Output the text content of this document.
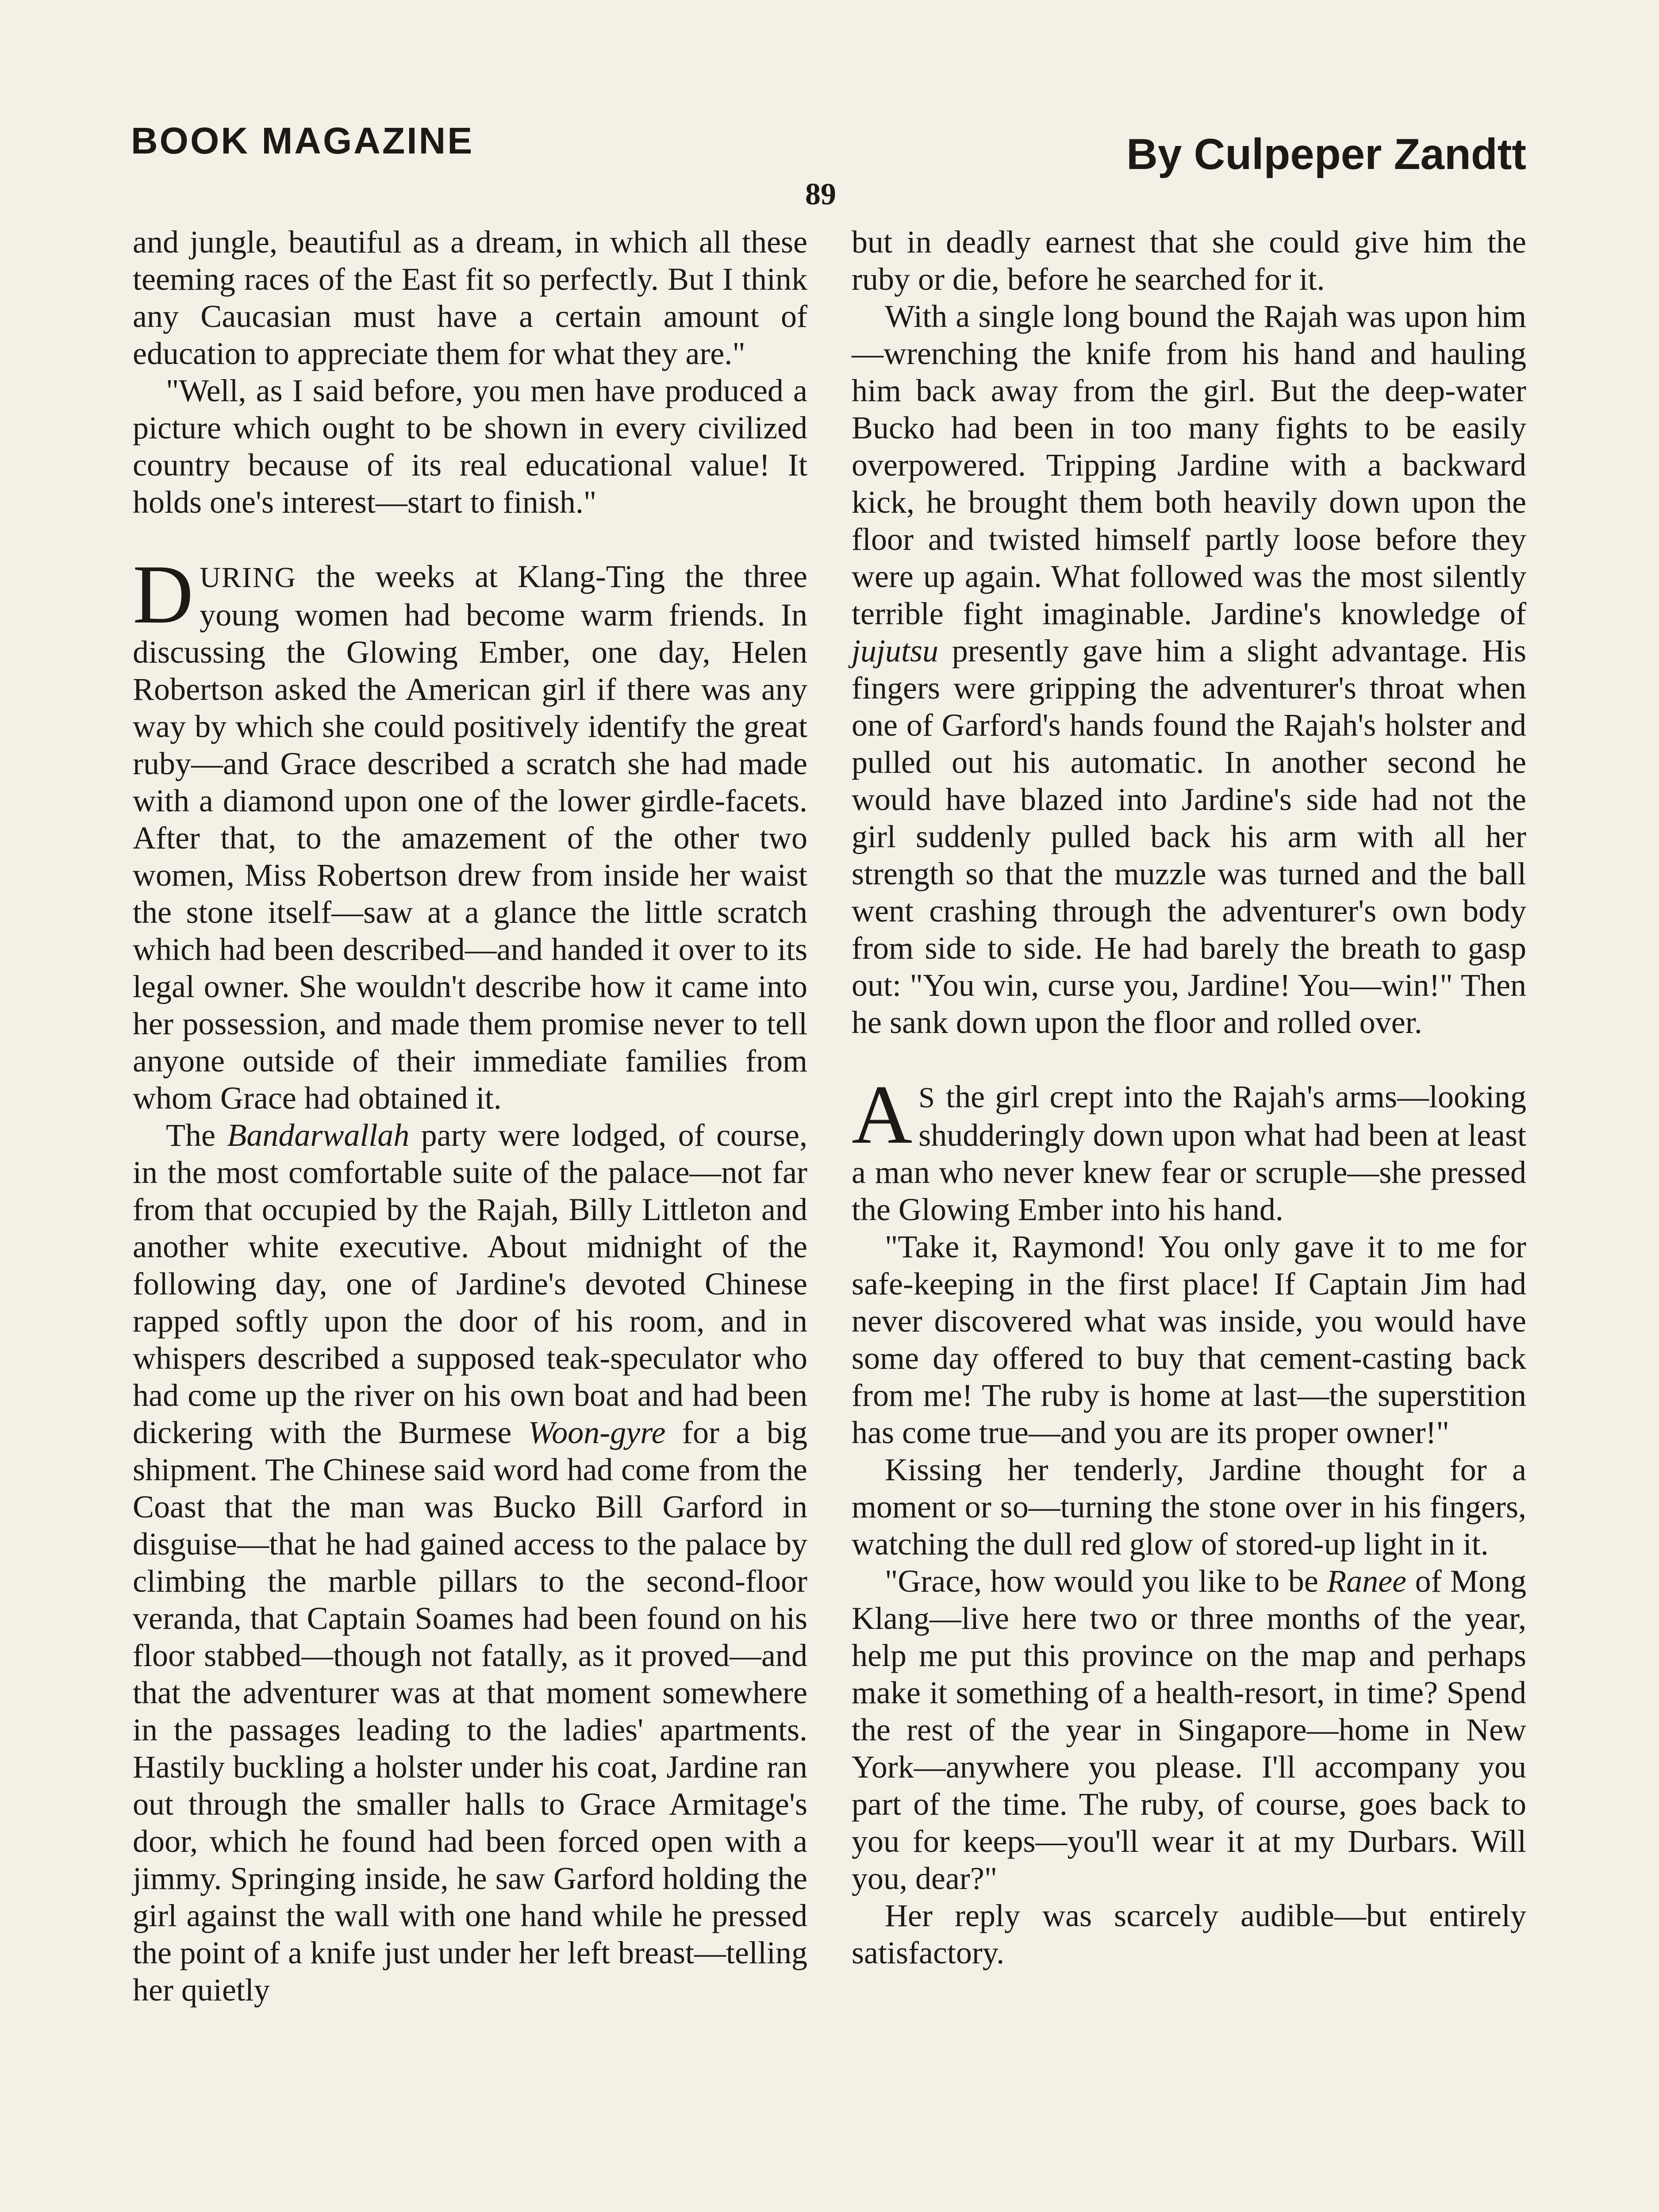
BOOK MAGAZINE	By Culpeper Zandtt
89

and jungle, beautiful as a dream, in which all these teeming races of the East fit so perfectly. But I think any Caucasian must have a certain amount of education to appreciate them for what they are."

"Well, as I said before, you men have produced a picture which ought to be shown in every civilized country because of its real educational value! It holds one's interest—start to finish."

DURING the weeks at Klang-Ting the three young women had become warm friends. In discussing the Glowing Ember, one day, Helen Robertson asked the American girl if there was any way by which she could positively identify the great ruby—and Grace described a scratch she had made with a diamond upon one of the lower girdle-facets. After that, to the amazement of the other two women, Miss Robertson drew from inside her waist the stone itself—saw at a glance the little scratch which had been described—and handed it over to its legal owner. She wouldn't describe how it came into her possession, and made them promise never to tell anyone outside of their immediate families from whom Grace had obtained it.

The Bandarwallah party were lodged, of course, in the most comfortable suite of the palace—not far from that occupied by the Rajah, Billy Littleton and another white executive. About midnight of the following day, one of Jardine's devoted Chinese rapped softly upon the door of his room, and in whispers described a supposed teak-speculator who had come up the river on his own boat and had been dickering with the Burmese Woon-gyre for a big shipment. The Chinese said word had come from the Coast that the man was Bucko Bill Garford in disguise—that he had gained access to the palace by climbing the marble pillars to the second-floor veranda, that Captain Soames had been found on his floor stabbed—though not fatally, as it proved—and that the adventurer was at that moment somewhere in the passages leading to the ladies' apartments. Hastily buckling a holster under his coat, Jardine ran out through the smaller halls to Grace Armitage's door, which he found had been forced open with a jimmy. Springing inside, he saw Garford holding the girl against the wall with one hand while he pressed the point of a knife just under her left breast—telling her quietly

but in deadly earnest that she could give him the ruby or die, before he searched for it.

With a single long bound the Rajah was upon him—wrenching the knife from his hand and hauling him back away from the girl. But the deep-water Bucko had been in too many fights to be easily overpowered. Tripping Jardine with a backward kick, he brought them both heavily down upon the floor and twisted himself partly loose before they were up again. What followed was the most silently terrible fight imaginable. Jardine's knowledge of jujutsu presently gave him a slight advantage. His fingers were gripping the adventurer's throat when one of Garford's hands found the Rajah's holster and pulled out his automatic. In another second he would have blazed into Jardine's side had not the girl suddenly pulled back his arm with all her strength so that the muzzle was turned and the ball went crashing through the adventurer's own body from side to side. He had barely the breath to gasp out: "You win, curse you, Jardine! You—win!" Then he sank down upon the floor and rolled over.

A S the girl crept into the Rajah's arms—looking shudderingly down upon what had been at least a man who never knew fear or scruple—she pressed the Glowing Ember into his hand.

"Take it, Raymond! You only gave it to me for safe-keeping in the first place! If Captain Jim had never discovered what was inside, you would have some day offered to buy that cement-casting back from me! The ruby is home at last—the superstition has come true—and you are its proper owner!"

Kissing her tenderly, Jardine thought for a moment or so—turning the stone over in his fingers, watching the dull red glow of stored-up light in it.

"Grace, how would you like to be Ranee of Mong Klang—live here two or three months of the year, help me put this province on the map and perhaps make it something of a health-resort, in time? Spend the rest of the year in Singapore—home in New York—anywhere you please. I'll accompany you part of the time. The ruby, of course, goes back to you for keeps—you'll wear it at my Durbars. Will you, dear?"

Her reply was scarcely audible—but entirely satisfactory.
